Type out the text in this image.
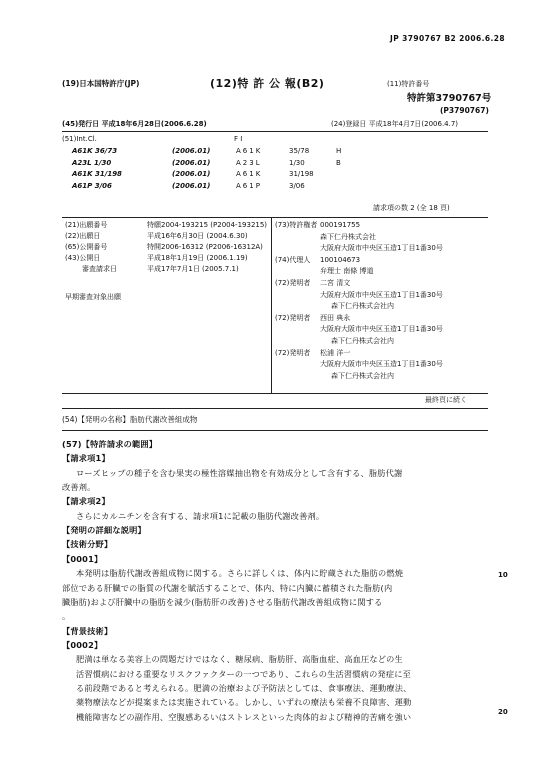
JP 3790767 B2 2006.6.28
(19)日本国特許庁(JP)	(12)特 許 公 報(B2)	(11)特許番号
特許第3790767号
(P3790767)
(45)発行日 平成18年6月28日(2006.6.28)	(24)登録日 平成18年4月7日(2006.4.7)
(51)Int.Cl.	F I
A61K 36/73	(2006.01)	A61K	35/78	H
A23L 1/30	(2006.01)	A23L	1/30	B
A61K 31/198	(2006.01)	A61K	31/198
A61P 3/06	(2006.01)	A61P	3/06
請求項の数 2 (全 18 頁)
(21)出願番号	特願2004-193215 (P2004-193215)
(22)出願日	平成16年6月30日 (2004.6.30)
(65)公開番号	特開2006-16312 (P2006-16312A)
(43)公開日	平成18年1月19日 (2006.1.19)
審査請求日	平成17年7月1日 (2005.7.1)
早期審査対象出願
(73)特許権者 000191755
森下仁丹株式会社
大阪府大阪市中央区玉造1丁目1番30号
(74)代理人 100104673
弁理士 南條 博道
(72)発明者 二宮 清文
大阪府大阪市中央区玉造1丁目1番30号
森下仁丹株式会社内
(72)発明者 西田 典永
大阪府大阪市中央区玉造1丁目1番30号
森下仁丹株式会社内
(72)発明者 松浦 洋一
大阪府大阪市中央区玉造1丁目1番30号
森下仁丹株式会社内
最終頁に続く
(54)【発明の名称】脂肪代謝改善組成物
(57)【特許請求の範囲】
【請求項1】
ローズヒップの種子を含む果実の極性溶媒抽出物を有効成分として含有する、脂肪代謝
改善剤。
【請求項2】
さらにカルニチンを含有する、請求項1に記載の脂肪代謝改善剤。
【発明の詳細な説明】
【技術分野】
【0001】
本発明は脂肪代謝改善組成物に関する。さらに詳しくは、体内に貯蔵された脂肪の燃焼
部位である肝臓での脂質の代謝を賦活することで、体内、特に内臓に蓄積された脂肪(内
臓脂肪)および肝臓中の脂肪を減少(脂肪肝の改善)させる脂肪代謝改善組成物に関する
。
【背景技術】
【0002】
肥満は単なる美容上の問題だけではなく、糖尿病、脂肪肝、高脂血症、高血圧などの生
活習慣病における重要なリスクファクターの一つであり、これらの生活習慣病の発症に至
る前段階であると考えられる。肥満の治療および予防法としては、食事療法、運動療法、
薬物療法などが提案または実施されている。しかし、いずれの療法も栄養不良障害、運動
機能障害などの副作用、空腹感あるいはストレスといった肉体的および精神的苦痛を強い
10
20
